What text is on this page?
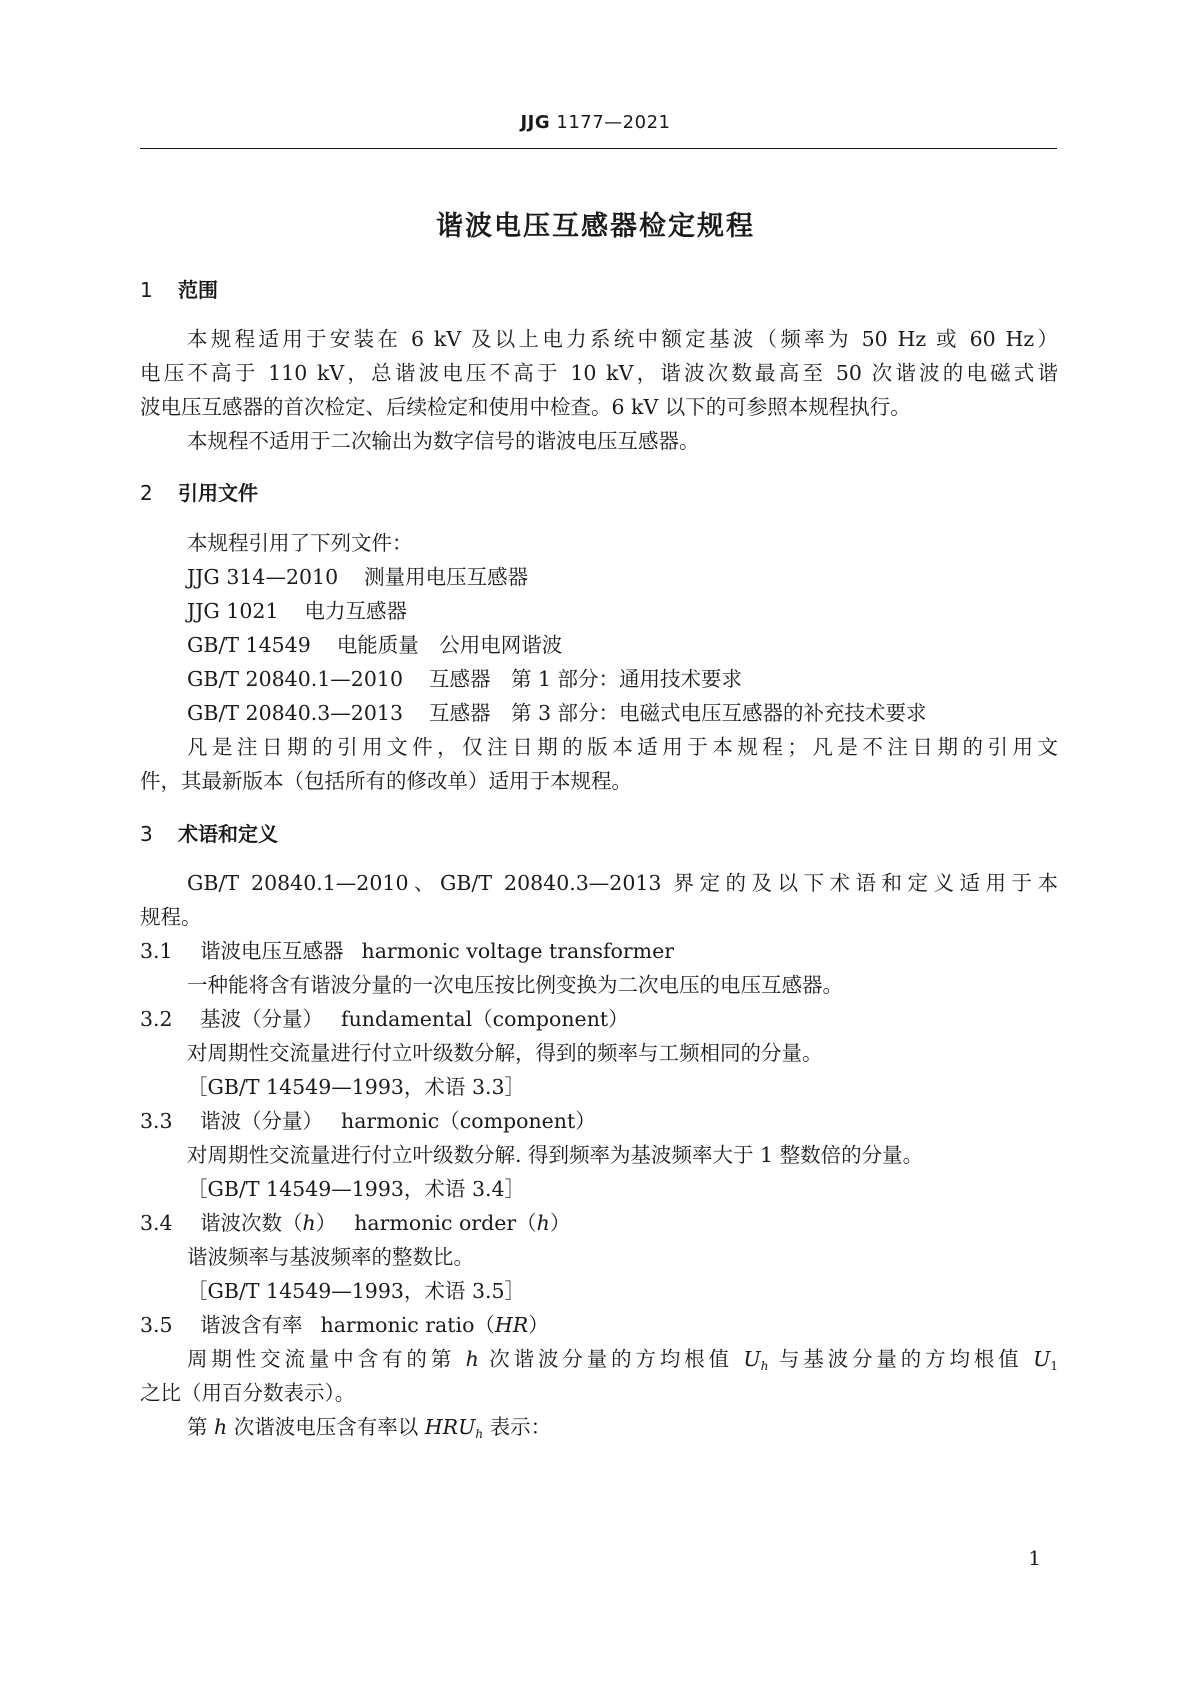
JJG 1177—2021
谐波电压互感器检定规程
1 范围
本规程适用于安装在 6 kV 及以上电力系统中额定基波（频率为 50 Hz 或 60 Hz）
电压不高于 110 kV，总谐波电压不高于 10 kV，谐波次数最高至 50 次谐波的电磁式谐
波电压互感器的首次检定、后续检定和使用中检查。6 kV 以下的可参照本规程执行。
本规程不适用于二次输出为数字信号的谐波电压互感器。
2 引用文件
本规程引用了下列文件：
JJG 314—2010 测量用电压互感器
JJG 1021 电力互感器
GB/T 14549 电能质量　公用电网谐波
GB/T 20840.1—2010 互感器　第 1 部分：通用技术要求
GB/T 20840.3—2013 互感器　第 3 部分：电磁式电压互感器的补充技术要求
凡是注日期的引用文件，仅注日期的版本适用于本规程；凡是不注日期的引用文
件，其最新版本（包括所有的修改单）适用于本规程。
3 术语和定义
GB/T 20840.1—2010、GB/T 20840.3—2013 界定的及以下术语和定义适用于本
规程。
3.1 谐波电压互感器 harmonic voltage transformer
一种能将含有谐波分量的一次电压按比例变换为二次电压的电压互感器。
3.2 基波（分量） fundamental（component）
对周期性交流量进行付立叶级数分解，得到的频率与工频相同的分量。
［GB/T 14549—1993，术语 3.3］
3.3 谐波（分量） harmonic（component）
对周期性交流量进行付立叶级数分解. 得到频率为基波频率大于 1 整数倍的分量。
［GB/T 14549—1993，术语 3.4］
3.4 谐波次数（h） harmonic order（h）
谐波频率与基波频率的整数比。
［GB/T 14549—1993，术语 3.5］
3.5 谐波含有率 harmonic ratio（HR）
周期性交流量中含有的第 h 次谐波分量的方均根值 $U_h$ 与基波分量的方均根值 $U_1$
之比（用百分数表示）。
第 h 次谐波电压含有率以 $HRU_h$ 表示：
1
